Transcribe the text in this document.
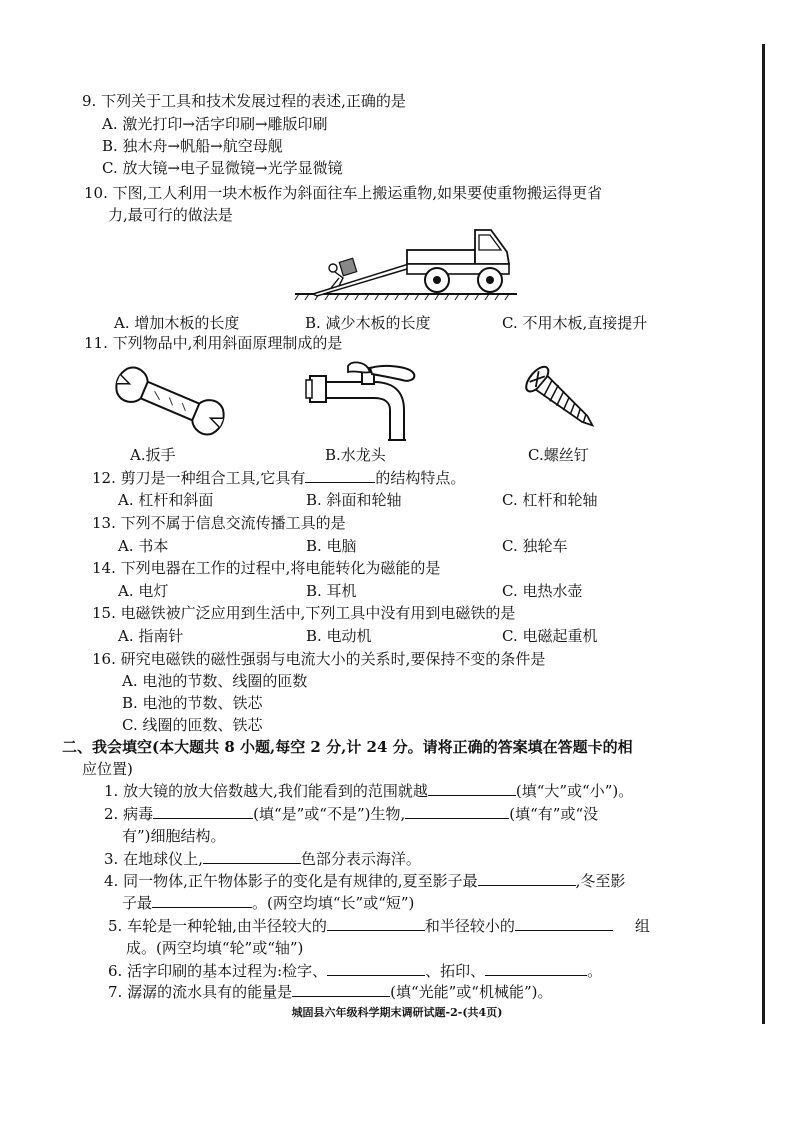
9. 下列关于工具和技术发展过程的表述,正确的是
A. 激光打印→活字印刷→雕版印刷
B. 独木舟→帆船→航空母舰
C. 放大镜→电子显微镜→光学显微镜
10. 下图,工人利用一块木板作为斜面往车上搬运重物,如果要使重物搬运得更省
力,最可行的做法是
A. 增加木板的长度	B. 减少木板的长度	C. 不用木板,直接提升
11. 下列物品中,利用斜面原理制成的是
A.扳手	B.水龙头	C.螺丝钉
12. 剪刀是一种组合工具,它具有	的结构特点。
A. 杠杆和斜面	B. 斜面和轮轴	C. 杠杆和轮轴
13. 下列不属于信息交流传播工具的是
A. 书本	B. 电脑	C. 独轮车
14. 下列电器在工作的过程中,将电能转化为磁能的是
A. 电灯	B. 耳机	C. 电热水壶
15. 电磁铁被广泛应用到生活中,下列工具中没有用到电磁铁的是
A. 指南针	B. 电动机	C. 电磁起重机
16. 研究电磁铁的磁性强弱与电流大小的关系时,要保持不变的条件是
A. 电池的节数、线圈的匝数
B. 电池的节数、铁芯
C. 线圈的匝数、铁芯
二、我会填空(本大题共 8 小题,每空 2 分,计 24 分。请将正确的答案填在答题卡的相
应位置)
1. 放大镜的放大倍数越大,我们能看到的范围就越	(填“大”或“小”)。
2. 病毒	(填“是”或“不是”)生物,	(填“有”或“没
有”)细胞结构。
3. 在地球仪上,	色部分表示海洋。
4. 同一物体,正午物体影子的变化是有规律的,夏至影子最	,冬至影
子最	。(两空均填“长”或“短”)
5. 车轮是一种轮轴,由半径较大的	和半径较小的	组
成。(两空均填“轮”或“轴”)
6. 活字印刷的基本过程为:检字、	、拓印、	。
7. 潺潺的流水具有的能量是	(填“光能”或“机械能”)。
城固县六年级科学期末调研试题-2-(共4页)
